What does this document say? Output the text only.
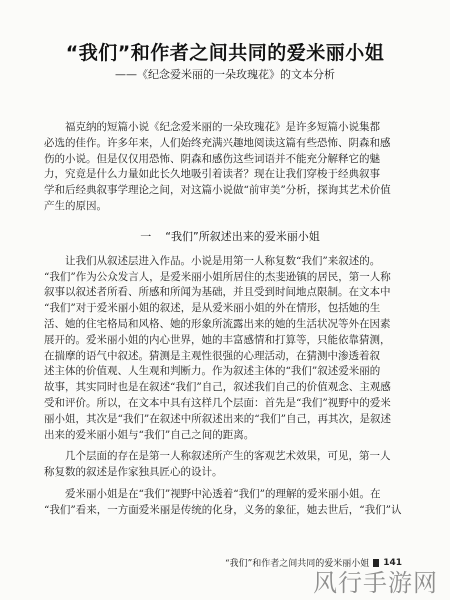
“我们”和作者之间共同的爱米丽小姐
——《纪念爱米丽的一朵玫瑰花》的文本分析
福克纳的短篇小说《纪念爱米丽的一朵玫瑰花》是许多短篇小说集都
必选的佳作。许多年来，人们始终充满兴趣地阅读这篇有些恐怖、阴森和感
伤的小说。但是仅仅用恐怖、阴森和感伤这些词语并不能充分解释它的魅
力，究竟是什么力量如此长久地吸引着读者？现在让我们穿梭于经典叙事
学和后经典叙事学理论之间，对这篇小说做“前审美”分析，探询其艺术价值
产生的原因。
一 “我们”所叙述出来的爱米丽小姐
让我们从叙述层进入作品。小说是用第一人称复数“我们”来叙述的。
“我们”作为公众发言人，是爱米丽小姐所居住的杰斐逊镇的居民，第一人称
叙事以叙述者所看、所感和所闻为基础，并且受到时间地点限制。在文本中
“我们”对于爱米丽小姐的叙述，是从爱米丽小姐的外在情形，包括她的生
活、她的住宅格局和风格、她的形象所流露出来的她的生活状况等外在因素
展开的。爱米丽小姐的内心世界，她的丰富感情和打算等，只能依靠猜测，
在揣摩的语气中叙述。猜测是主观性很强的心理活动，在猜测中渗透着叙
述主体的价值观、人生观和判断力。作为叙述主体的“我们”叙述爱米丽的
故事，其实同时也是在叙述“我们”自己，叙述我们自己的价值观念、主观感
受和评价。所以，在文本中具有这样几个层面：首先是“我们”视野中的爱米
丽小姐，其次是“我们”在叙述中所叙述出来的“我们”自己，再其次，是叙述
出来的爱米丽小姐与“我们”自己之间的距离。
几个层面的存在是第一人称叙述所产生的客观艺术效果，可见，第一人
称复数的叙述是作家独具匠心的设计。
爱米丽小姐是在“我们”视野中沁透着“我们”的理解的爱米丽小姐。在
“我们”看来，一方面爱米丽是传统的化身，义务的象征，她去世后，“我们”认
“我们”和作者之间共同的爱米丽小姐 141
风行手游网
